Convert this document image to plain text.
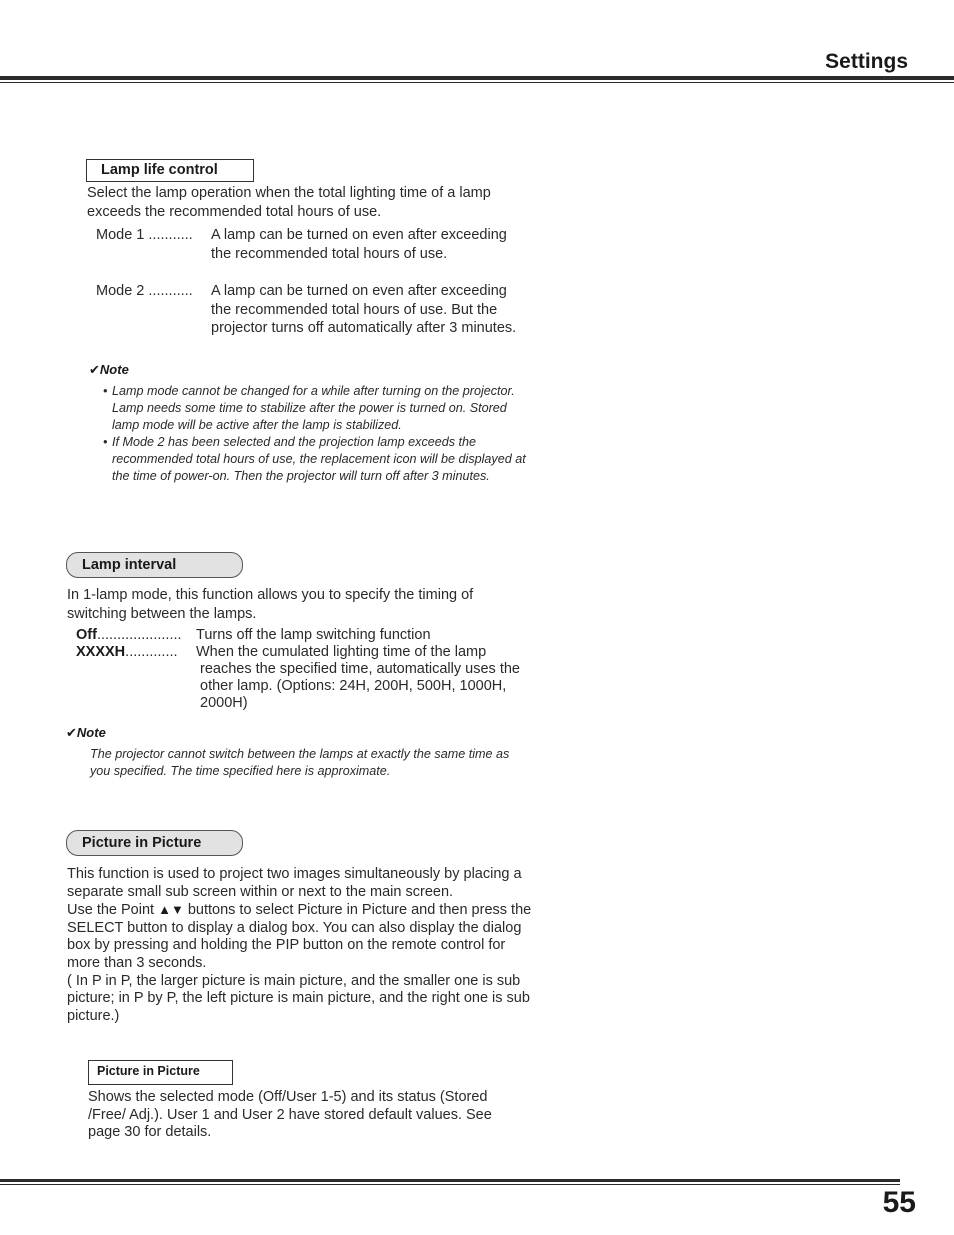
Settings
Lamp life control
Select the lamp operation when the total lighting time of a lamp exceeds the recommended total hours of use.
Mode 1 ........... A lamp can be turned on even after exceeding the recommended total hours of use.
Mode 2 ........... A lamp can be turned on even after exceeding the recommended total hours of use. But the projector turns off automatically after 3 minutes.
✔Note
• Lamp mode cannot be changed for a while after turning on the projector. Lamp needs some time to stabilize after the power is turned on. Stored lamp mode will be active after the lamp is stabilized.
• If Mode 2 has been selected and the projection lamp exceeds the recommended total hours of use, the replacement icon will be displayed at the time of power-on. Then the projector will turn off after 3 minutes.
Lamp interval
In 1-lamp mode, this function allows you to specify the timing of switching between the lamps.
Off..................... Turns off the lamp switching function
XXXXH............. When the cumulated lighting time of the lamp
reaches the specified time, automatically uses the other lamp. (Options: 24H, 200H, 500H, 1000H, 2000H)
✔Note
The projector cannot switch between the lamps at exactly the same time as you specified. The time specified here is approximate.
Picture in Picture
This function is used to project two images simultaneously by placing a separate small sub screen within or next to the main screen.
Use the Point ▲▼ buttons to select Picture in Picture and then press the SELECT button to display a dialog box. You can also display the dialog box by pressing and holding the PIP button on the remote control for more than 3 seconds.
( In P in P, the larger picture is main picture, and the smaller one is sub picture; in P by P, the left picture is main picture, and the right one is sub picture.)
Picture in Picture
Shows the selected mode (Off/User 1-5) and its status (Stored /Free/ Adj.). User 1 and User 2 have stored default values. See page 30 for details.
55
